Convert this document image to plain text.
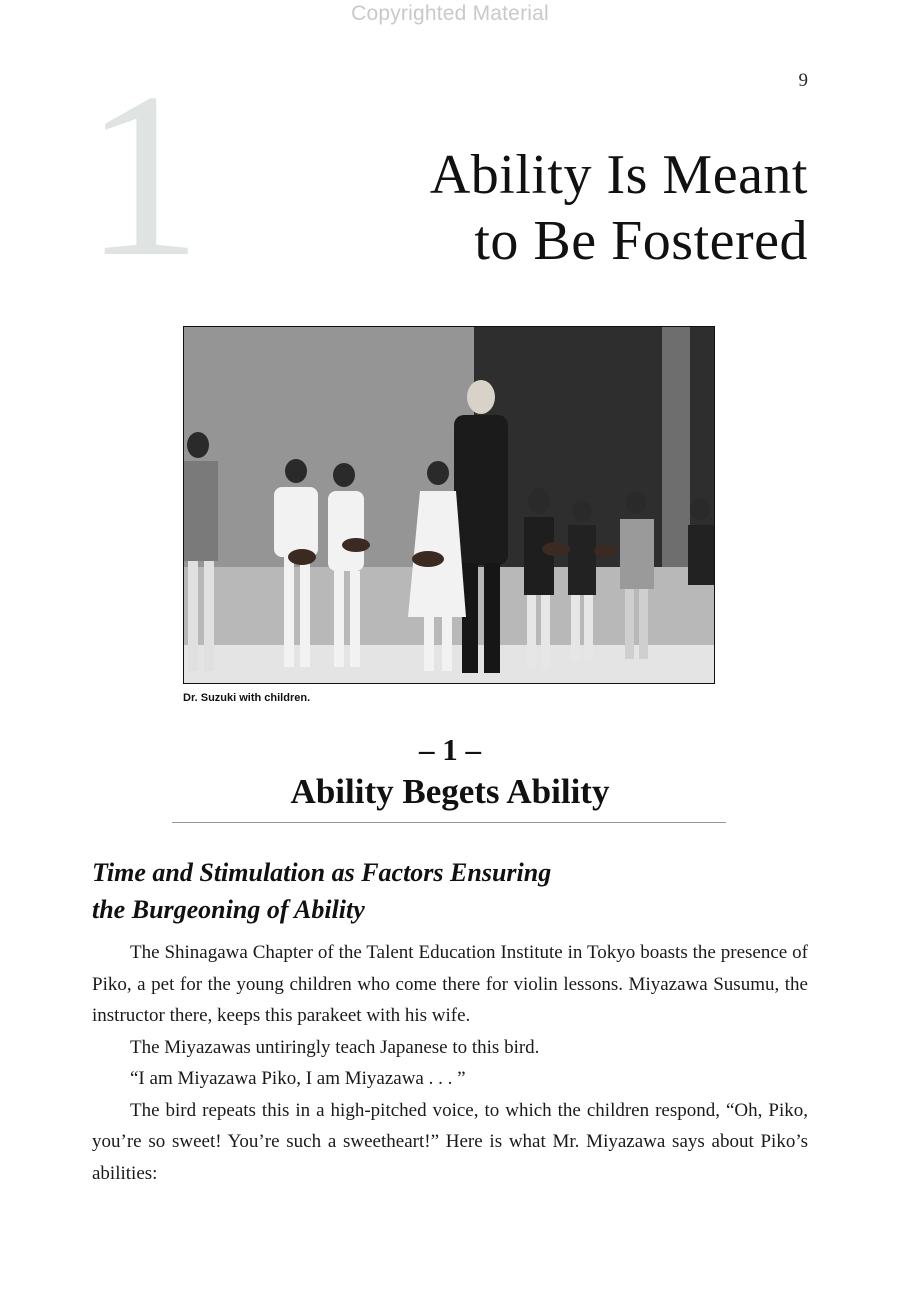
Copyrighted Material
9
1	Ability Is Meant
to Be Fostered
Dr. Suzuki with children.
– 1 –
Ability Begets Ability
Time and Stimulation as Factors Ensuring
the Burgeoning of Ability

The Shinagawa Chapter of the Talent Education Institute in Tokyo boasts the presence of Piko, a pet for the young children who come there for violin lessons. Miyazawa Susumu, the instructor there, keeps this parakeet with his wife.

The Miyazawas untiringly teach Japanese to this bird.

“I am Miyazawa Piko, I am Miyazawa . . . ”

The bird repeats this in a high-pitched voice, to which the children respond, “Oh, Piko, you’re so sweet! You’re such a sweetheart!” Here is what Mr. Miyazawa says about Piko’s abilities:
